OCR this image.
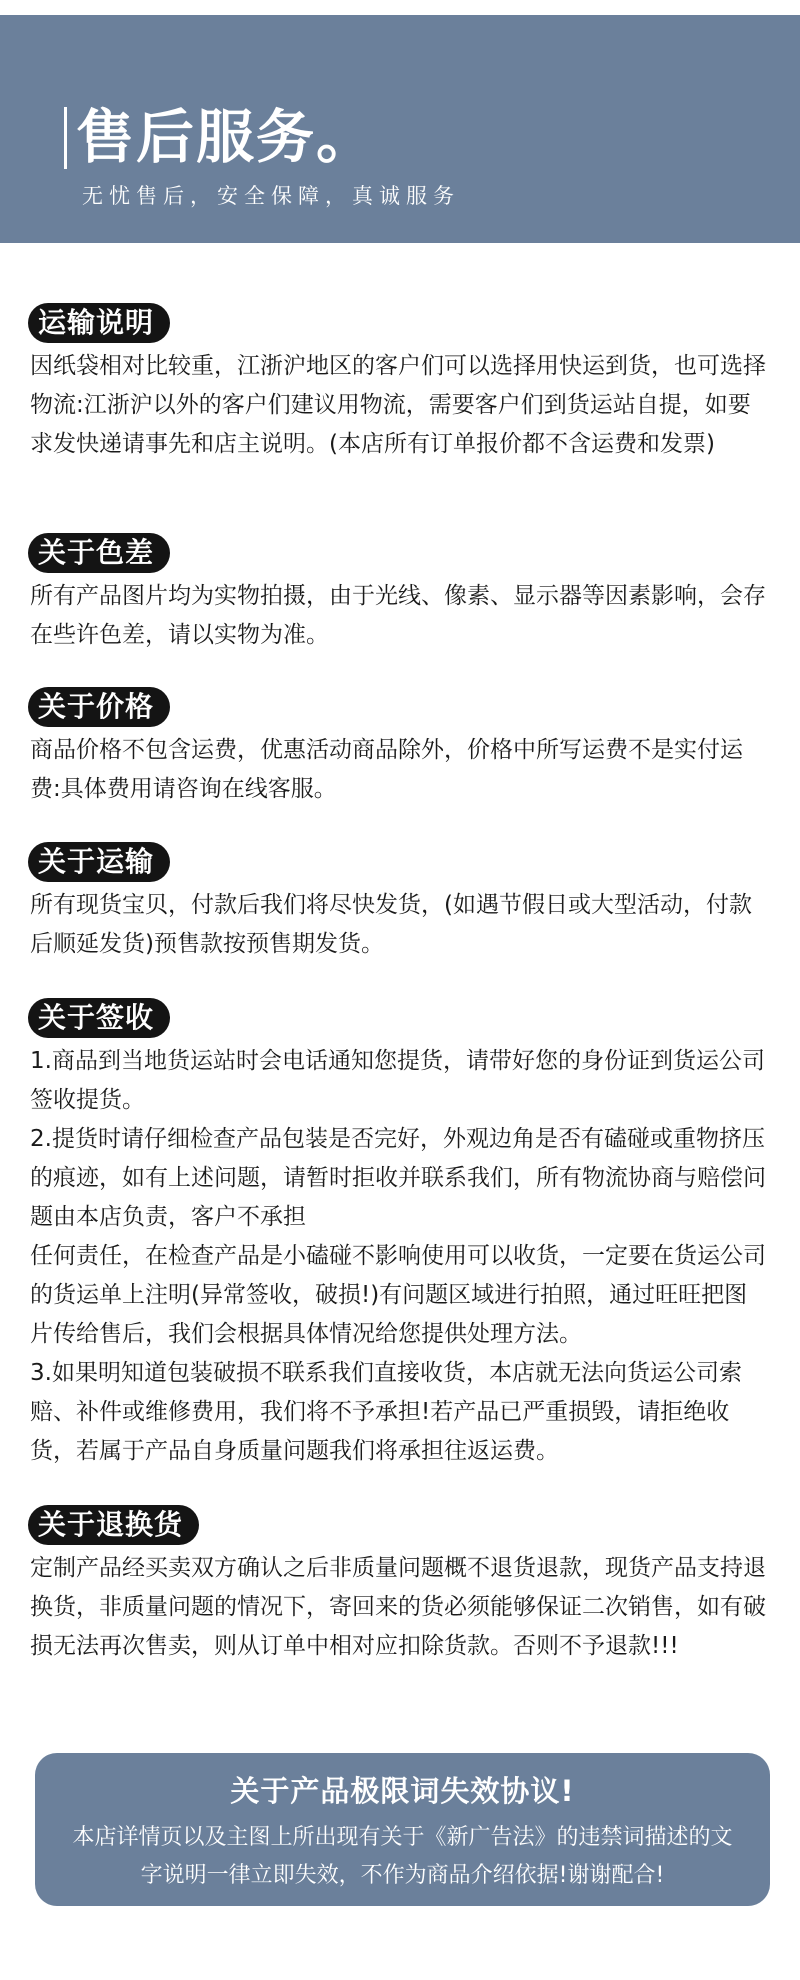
售后服务。
无忧售后，安全保障，真诚服务
运输说明

因纸袋相对比较重，江浙沪地区的客户们可以选择用快运到货，也可选择物流:江浙沪以外的客户们建议用物流，需要客户们到货运站自提，如要求发快递请事先和店主说明。(本店所有订单报价都不含运费和发票)

关于色差

所有产品图片均为实物拍摄，由于光线、像素、显示器等因素影响，会存在些许色差，请以实物为准。

关于价格

商品价格不包含运费，优惠活动商品除外，价格中所写运费不是实付运费:具体费用请咨询在线客服。

关于运输

所有现货宝贝，付款后我们将尽快发货，(如遇节假日或大型活动，付款后顺延发货)预售款按预售期发货。

关于签收

1.商品到当地货运站时会电话通知您提货，请带好您的身份证到货运公司签收提货。

2.提货时请仔细检查产品包装是否完好，外观边角是否有磕碰或重物挤压的痕迹，如有上述问题，请暂时拒收并联系我们，所有物流协商与赔偿问题由本店负责，客户不承担

任何责任，在检查产品是小磕碰不影响使用可以收货，一定要在货运公司的货运单上注明(异常签收，破损!)有问题区域进行拍照，通过旺旺把图片传给售后，我们会根据具体情况给您提供处理方法。

3.如果明知道包装破损不联系我们直接收货，本店就无法向货运公司索赔、补件或维修费用，我们将不予承担!若产品已严重损毁，请拒绝收货，若属于产品自身质量问题我们将承担往返运费。

关于退换货

定制产品经买卖双方确认之后非质量问题概不退货退款，现货产品支持退换货，非质量问题的情况下，寄回来的货必须能够保证二次销售，如有破损无法再次售卖，则从订单中相对应扣除货款。否则不予退款!!!

关于产品极限词失效协议!
本店详情页以及主图上所出现有关于《新广告法》的违禁词描述的文字说明一律立即失效，不作为商品介绍依据!谢谢配合!
